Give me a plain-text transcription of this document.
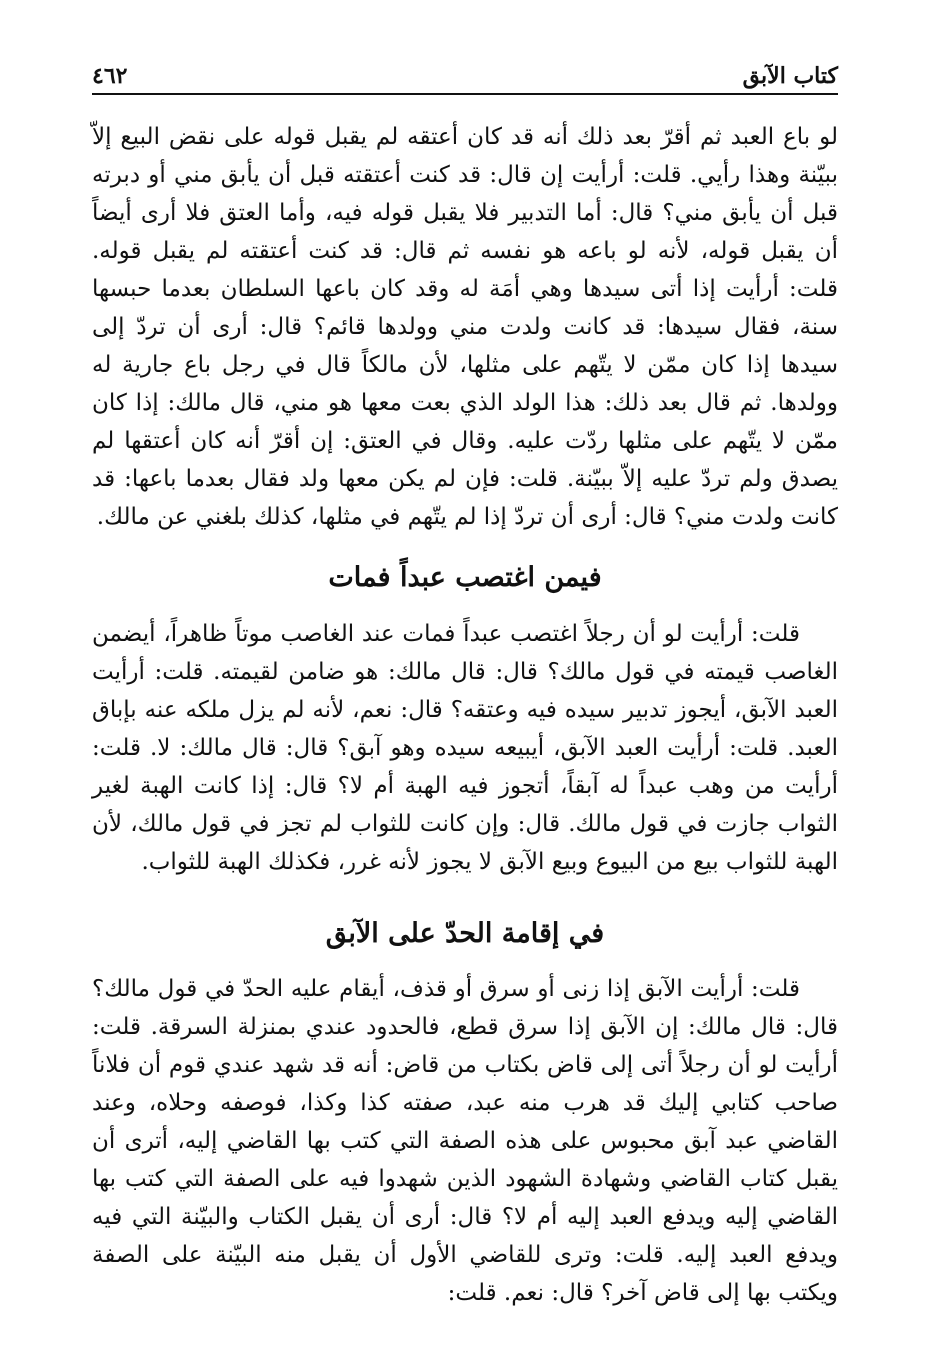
٤٦٢	كتاب الآبق

لو باع العبد ثم أقرّ بعد ذلك أنه قد كان أعتقه لم يقبل قوله على نقض البيع إلاّ ببيّنة وهذا رأيي. قلت: أرأيت إن قال: قد كنت أعتقته قبل أن يأبق مني أو دبرته قبل أن يأبق مني؟ قال: أما التدبير فلا يقبل قوله فيه، وأما العتق فلا أرى أيضاً أن يقبل قوله، لأنه لو باعه هو نفسه ثم قال: قد كنت أعتقته لم يقبل قوله. قلت: أرأيت إذا أتى سيدها وهي أمَة له وقد كان باعها السلطان بعدما حبسها سنة، فقال سيدها: قد كانت ولدت مني وولدها قائم؟ قال: أرى أن تردّ إلى سيدها إذا كان ممّن لا يتّهم على مثلها، لأن مالكاً قال في رجل باع جارية له وولدها. ثم قال بعد ذلك: هذا الولد الذي بعت معها هو مني، قال مالك: إذا كان ممّن لا يتّهم على مثلها ردّت عليه. وقال في العتق: إن أقرّ أنه كان أعتقها لم يصدق ولم تردّ عليه إلاّ ببيّنة. قلت: فإن لم يكن معها ولد فقال بعدما باعها: قد كانت ولدت مني؟ قال: أرى أن تردّ إذا لم يتّهم في مثلها، كذلك بلغني عن مالك.

فيمن اغتصب عبداً فمات

قلت: أرأيت لو أن رجلاً اغتصب عبداً فمات عند الغاصب موتاً ظاهراً، أيضمن الغاصب قيمته في قول مالك؟ قال: قال مالك: هو ضامن لقيمته. قلت: أرأيت العبد الآبق، أيجوز تدبير سيده فيه وعتقه؟ قال: نعم، لأنه لم يزل ملكه عنه بإباق العبد. قلت: أرأيت العبد الآبق، أيبيعه سيده وهو آبق؟ قال: قال مالك: لا. قلت: أرأيت من وهب عبداً له آبقاً، أتجوز فيه الهبة أم لا؟ قال: إذا كانت الهبة لغير الثواب جازت في قول مالك. قال: وإن كانت للثواب لم تجز في قول مالك، لأن الهبة للثواب بيع من البيوع وبيع الآبق لا يجوز لأنه غرر، فكذلك الهبة للثواب.

في إقامة الحدّ على الآبق

قلت: أرأيت الآبق إذا زنى أو سرق أو قذف، أيقام عليه الحدّ في قول مالك؟ قال: قال مالك: إن الآبق إذا سرق قطع، فالحدود عندي بمنزلة السرقة. قلت: أرأيت لو أن رجلاً أتى إلى قاض بكتاب من قاض: أنه قد شهد عندي قوم أن فلاناً صاحب كتابي إليك قد هرب منه عبد، صفته كذا وكذا، فوصفه وحلاه، وعند القاضي عبد آبق محبوس على هذه الصفة التي كتب بها القاضي إليه، أترى أن يقبل كتاب القاضي وشهادة الشهود الذين شهدوا فيه على الصفة التي كتب بها القاضي إليه ويدفع العبد إليه أم لا؟ قال: أرى أن يقبل الكتاب والبيّنة التي فيه ويدفع العبد إليه. قلت: وترى للقاضي الأول أن يقبل منه البيّنة على الصفة ويكتب بها إلى قاض آخر؟ قال: نعم. قلت:
